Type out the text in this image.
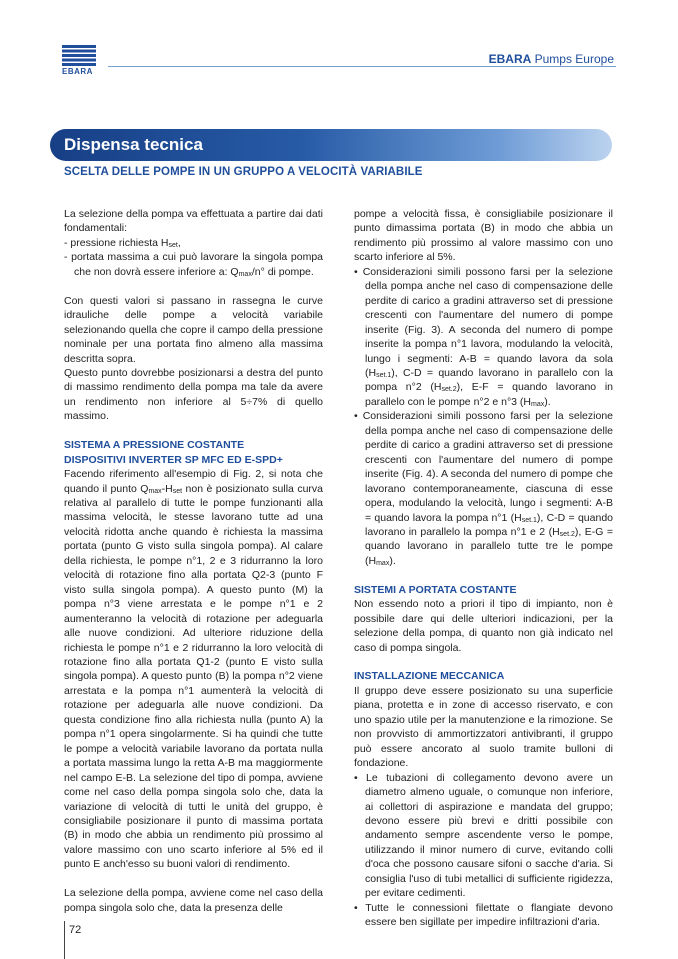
EBARA
EBARA Pumps Europe
Dispensa tecnica
SCELTA DELLE POMPE IN UN GRUPPO A VELOCITÀ VARIABILE

La selezione della pompa va effettuata a partire dai dati fondamentali:

- pressione richiesta $H_{set}$,

- portata massima a cui può lavorare la singola pompa che non dovrà essere inferiore a: $Q_{max}/n^\circ$ di pompe.

Con questi valori si passano in rassegna le curve idrauliche delle pompe a velocità variabile selezionando quella che copre il campo della pressione nominale per una portata fino almeno alla massima descritta sopra.

Questo punto dovrebbe posizionarsi a destra del punto di massimo rendimento della pompa ma tale da avere un rendimento non inferiore al 5÷7% di quello massimo.

SISTEMA A PRESSIONE COSTANTE
DISPOSITIVI INVERTER SP MFC ED E-SPD+

Facendo riferimento all'esempio di Fig. 2, si nota che quando il punto $Q_{max}-H_{set}$ non è posizionato sulla curva relativa al parallelo di tutte le pompe funzionanti alla massima velocità, le stesse lavorano tutte ad una velocità ridotta anche quando è richiesta la massima portata (punto G visto sulla singola pompa). Al calare della richiesta, le pompe n°1, 2 e 3 ridurranno la loro velocità di rotazione fino alla portata Q2-3 (punto F visto sulla singola pompa). A questo punto (M) la pompa n°3 viene arrestata e le pompe n°1 e 2 aumenteranno la velocità di rotazione per adeguarla alle nuove condizioni. Ad ulteriore riduzione della richiesta le pompe n°1 e 2 ridurranno la loro velocità di rotazione fino alla portata Q1-2 (punto E visto sulla singola pompa). A questo punto (B) la pompa n°2 viene arrestata e la pompa n°1 aumenterà la velocità di rotazione per adeguarla alle nuove condizioni. Da questa condizione fino alla richiesta nulla (punto A) la pompa n°1 opera singolarmente. Si ha quindi che tutte le pompe a velocità variabile lavorano da portata nulla a portata massima lungo la retta A-B ma maggiormente nel campo E-B. La selezione del tipo di pompa, avviene come nel caso della pompa singola solo che, data la variazione di velocità di tutti le unità del gruppo, è consigliabile posizionare il punto di massima portata (B) in modo che abbia un rendimento più prossimo al valore massimo con uno scarto inferiore al 5% ed il punto E anch'esso su buoni valori di rendimento.

La selezione della pompa, avviene come nel caso della pompa singola solo che, data la presenza delle

pompe a velocità fissa, è consigliabile posizionare il punto dimassima portata (B) in modo che abbia un rendimento più prossimo al valore massimo con uno scarto inferiore al 5%.

• Considerazioni simili possono farsi per la selezione della pompa anche nel caso di compensazione delle perdite di carico a gradini attraverso set di pressione crescenti con l'aumentare del numero di pompe inserite (Fig. 3). A seconda del numero di pompe inserite la pompa n°1 lavora, modulando la velocità, lungo i segmenti: A-B = quando lavora da sola $(H_{set.1})$, C-D = quando lavorano in parallelo con la pompa n°2 $(H_{set.2})$, E-F = quando lavorano in parallelo con le pompe n°2 e n°3 $(H_{max})$.

• Considerazioni simili possono farsi per la selezione della pompa anche nel caso di compensazione delle perdite di carico a gradini attraverso set di pressione crescenti con l'aumentare del numero di pompe inserite (Fig. 4). A seconda del numero di pompe che lavorano contemporaneamente, ciascuna di esse opera, modulando la velocità, lungo i segmenti: A-B = quando lavora la pompa n°1 $(H_{set.1})$, C-D = quando lavorano in parallelo la pompa n°1 e 2 $(H_{set.2})$, E-G = quando lavorano in parallelo tutte tre le pompe $(H_{max})$.

SISTEMI A PORTATA COSTANTE

Non essendo noto a priori il tipo di impianto, non è possibile dare qui delle ulteriori indicazioni, per la selezione della pompa, di quanto non già indicato nel caso di pompa singola.

INSTALLAZIONE MECCANICA

Il gruppo deve essere posizionato su una superficie piana, protetta e in zone di accesso riservato, e con uno spazio utile per la manutenzione e la rimozione. Se non provvisto di ammortizzatori antivibranti, il gruppo può essere ancorato al suolo tramite bulloni di fondazione.

• Le tubazioni di collegamento devono avere un diametro almeno uguale, o comunque non inferiore, ai collettori di aspirazione e mandata del gruppo; devono essere più brevi e dritti possibile con andamento sempre ascendente verso le pompe, utilizzando il minor numero di curve, evitando colli d'oca che possono causare sifoni o sacche d'aria. Si consiglia l'uso di tubi metallici di sufficiente rigidezza, per evitare cedimenti.

• Tutte le connessioni filettate o flangiate devono essere ben sigillate per impedire infiltrazioni d'aria.

72
